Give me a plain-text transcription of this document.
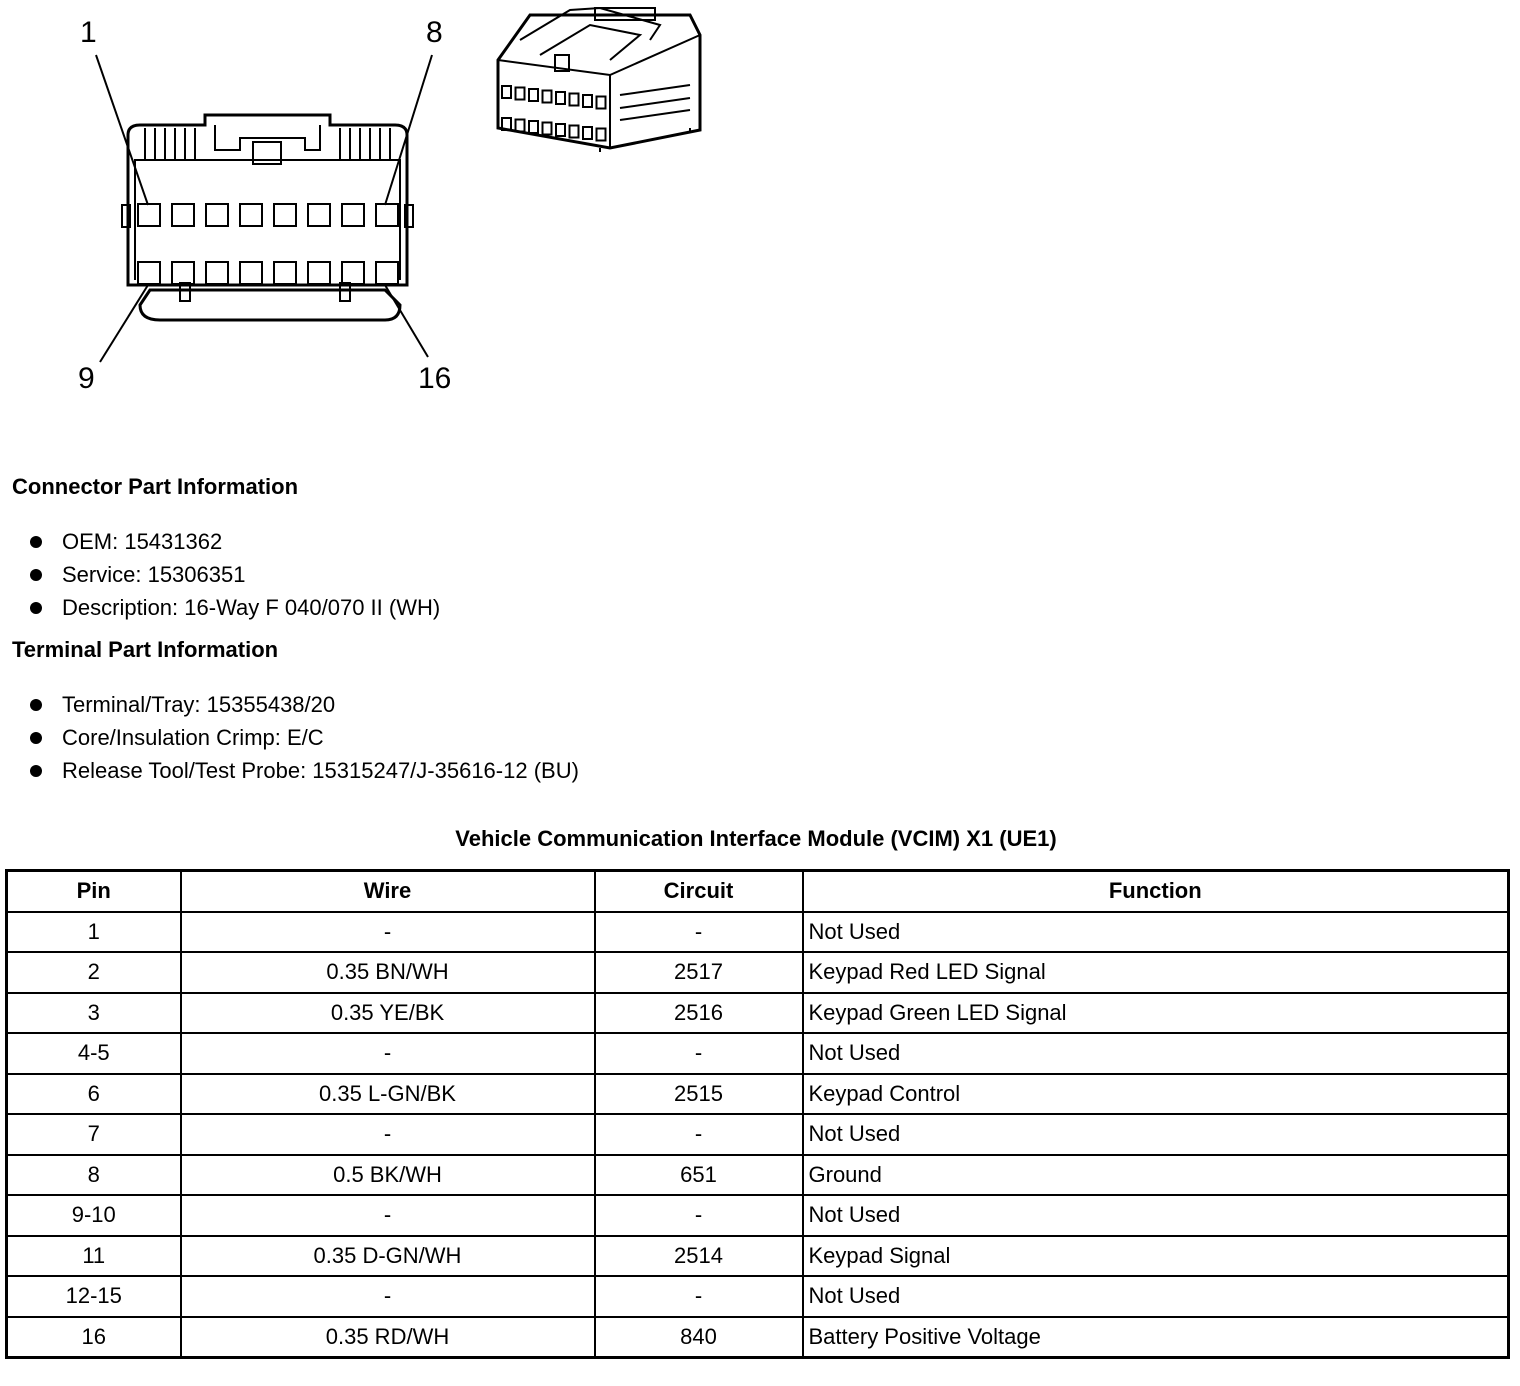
1	8
9	16
Connector Part Information
OEM: 15431362
Service: 15306351
Description: 16-Way F 040/070 II (WH)
Terminal Part Information
Terminal/Tray: 15355438/20
Core/Insulation Crimp: E/C
Release Tool/Test Probe: 15315247/J-35616-12 (BU)
Vehicle Communication Interface Module (VCIM) X1 (UE1)
Pin	Wire	Circuit	Function
1	-	-	Not Used
2	0.35 BN/WH	2517	Keypad Red LED Signal
3	0.35 YE/BK	2516	Keypad Green LED Signal
4-5	-	-	Not Used
6	0.35 L-GN/BK	2515	Keypad Control
7	-	-	Not Used
8	0.5 BK/WH	651	Ground
9-10	-	-	Not Used
11	0.35 D-GN/WH	2514	Keypad Signal
12-15	-	-	Not Used
16	0.35 RD/WH	840	Battery Positive Voltage
